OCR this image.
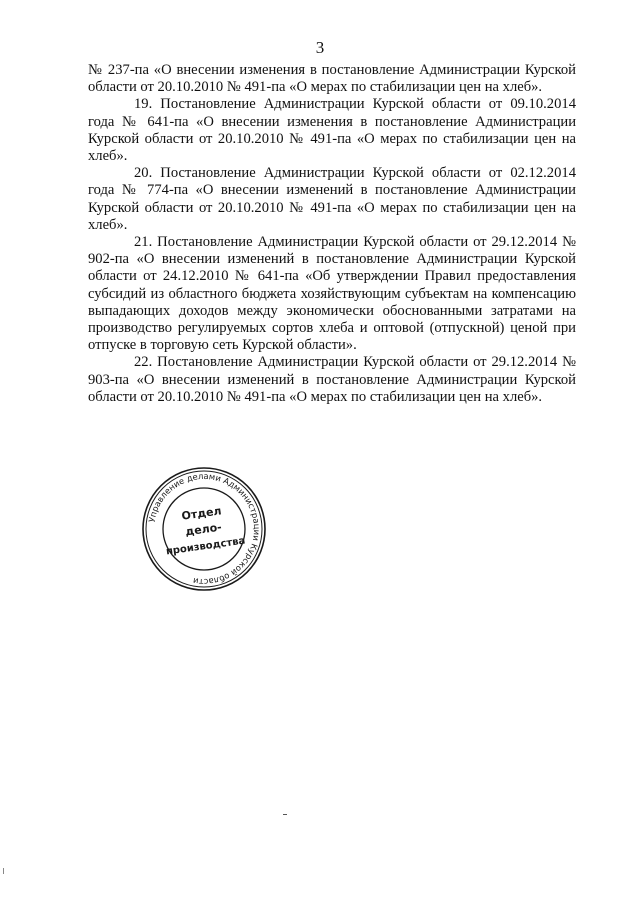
3

№ 237-па «О внесении изменения в постановление Администрации Курской области от 20.10.2010 № 491-па «О мерах по стабилизации цен на хлеб».

19. Постановление Администрации Курской области от 09.10.2014 года № 641-па «О внесении изменения в постановление Администрации Курской области от 20.10.2010 № 491-па «О мерах по стабилизации цен на хлеб».

20. Постановление Администрации Курской области от 02.12.2014 года № 774-па «О внесении изменений в постановление Администрации Курской области от 20.10.2010 № 491-па «О мерах по стабилизации цен на хлеб».

21. Постановление Администрации Курской области от 29.12.2014 № 902-па «О внесении изменений в постановление Администрации Курской области от 24.12.2010 № 641-па «Об утверждении Правил предоставления субсидий из областного бюджета хозяйствующим субъектам на компенсацию выпадающих доходов между экономически обоснованными затратами на производство регулируемых сортов хлеба и оптовой (отпускной) ценой при отпуске в торговую сеть Курской области».

22. Постановление Администрации Курской области от 29.12.2014 № 903-па «О внесении изменений в постановление Администрации Курской области от 20.10.2010 № 491-па «О мерах по стабилизации цен на хлеб».

Управление делами Администрации Курской области
Отдел
дело-
производства
